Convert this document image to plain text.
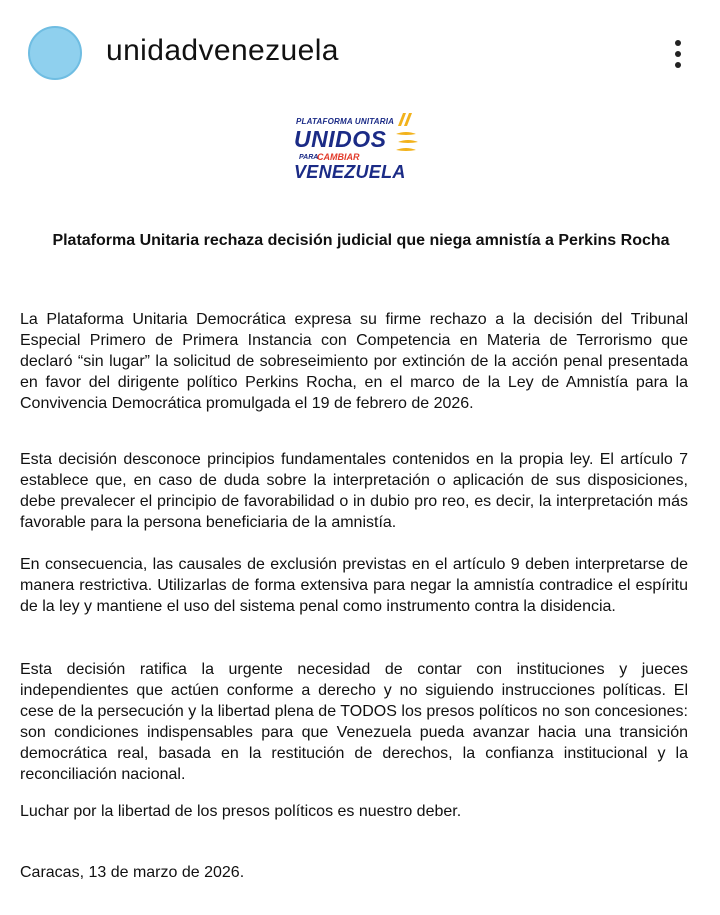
unidadvenezuela
PLATAFORMA UNITARIA
UNIDOS
PARA
CAMBIAR
VENEZUELA
Plataforma Unitaria rechaza decisión judicial que niega amnistía a Perkins Rocha

La Plataforma Unitaria Democrática expresa su firme rechazo a la decisión del Tribunal Especial Primero de Primera Instancia con Competencia en Materia de Terrorismo que declaró “sin lugar” la solicitud de sobreseimiento por extinción de la acción penal presentada en favor del dirigente político Perkins Rocha, en el marco de la Ley de Amnistía para la Convivencia Democrática promulgada el 19 de febrero de 2026.

Esta decisión desconoce principios fundamentales contenidos en la propia ley. El artículo 7 establece que, en caso de duda sobre la interpretación o aplicación de sus disposiciones, debe prevalecer el principio de favorabilidad o in dubio pro reo, es decir, la interpretación más favorable para la persona beneficiaria de la amnistía.

En consecuencia, las causales de exclusión previstas en el artículo 9 deben interpretarse de manera restrictiva. Utilizarlas de forma extensiva para negar la amnistía contradice el espíritu de la ley y mantiene el uso del sistema penal como instrumento contra la disidencia.

Esta decisión ratifica la urgente necesidad de contar con instituciones y jueces independientes que actúen conforme a derecho y no siguiendo instrucciones políticas. El cese de la persecución y la libertad plena de TODOS los presos políticos no son concesiones: son condiciones indispensables para que Venezuela pueda avanzar hacia una transición democrática real, basada en la restitución de derechos, la confianza institucional y la reconciliación nacional.

Luchar por la libertad de los presos políticos es nuestro deber.

Caracas, 13 de marzo de 2026.
